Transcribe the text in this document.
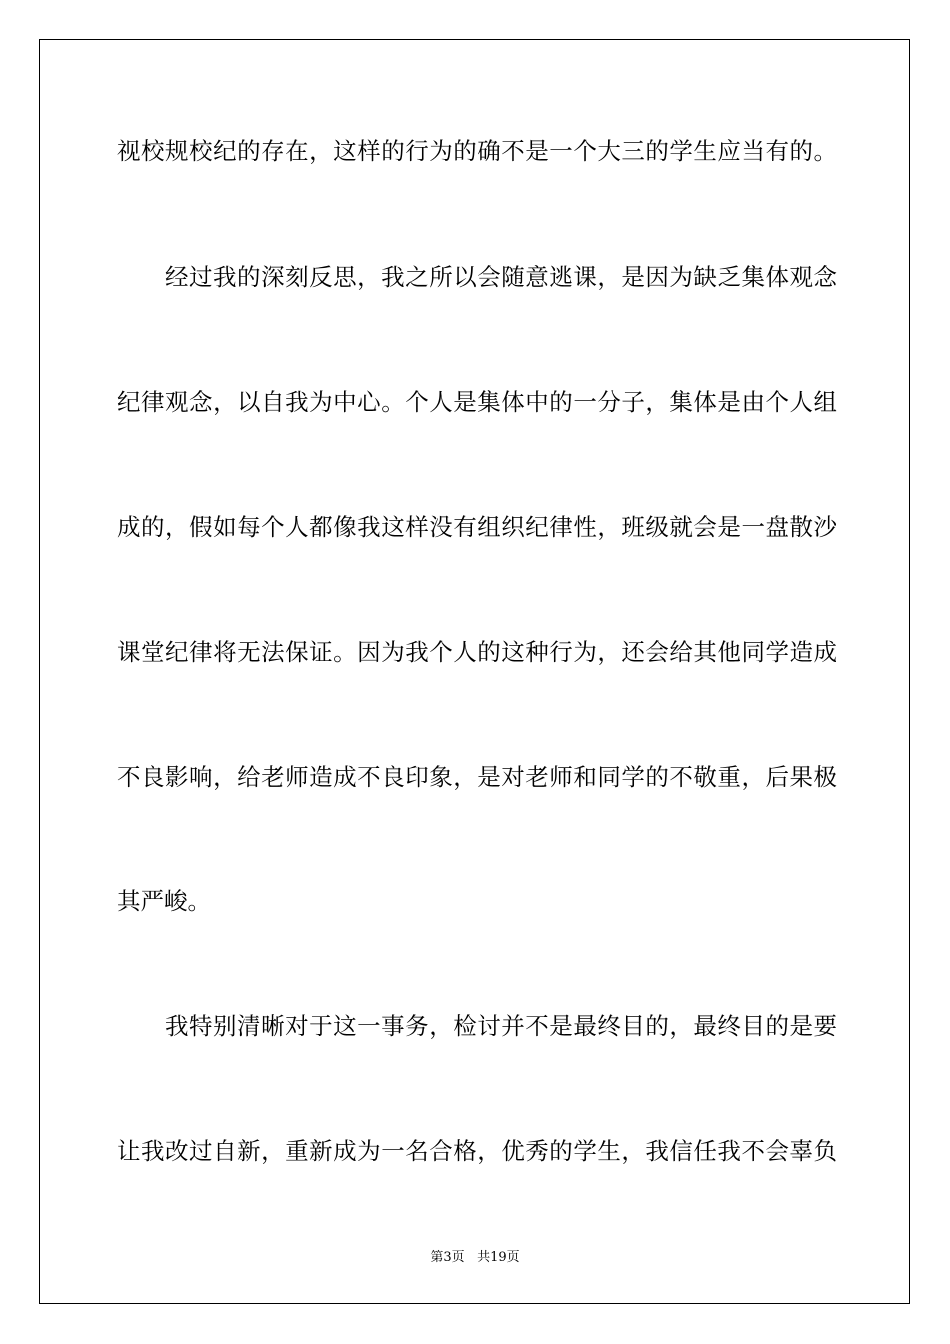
视校规校纪的存在，这样的行为的确不是一个大三的学生应当有的。
经过我的深刻反思，我之所以会随意逃课，是因为缺乏集体观念
纪律观念，以自我为中心。个人是集体中的一分子，集体是由个人组
成的，假如每个人都像我这样没有组织纪律性，班级就会是一盘散沙
课堂纪律将无法保证。因为我个人的这种行为，还会给其他同学造成
不良影响，给老师造成不良印象，是对老师和同学的不敬重，后果极
其严峻。
我特别清晰对于这一事务，检讨并不是最终目的，最终目的是要
让我改过自新，重新成为一名合格，优秀的学生，我信任我不会辜负
第3页 共19页
